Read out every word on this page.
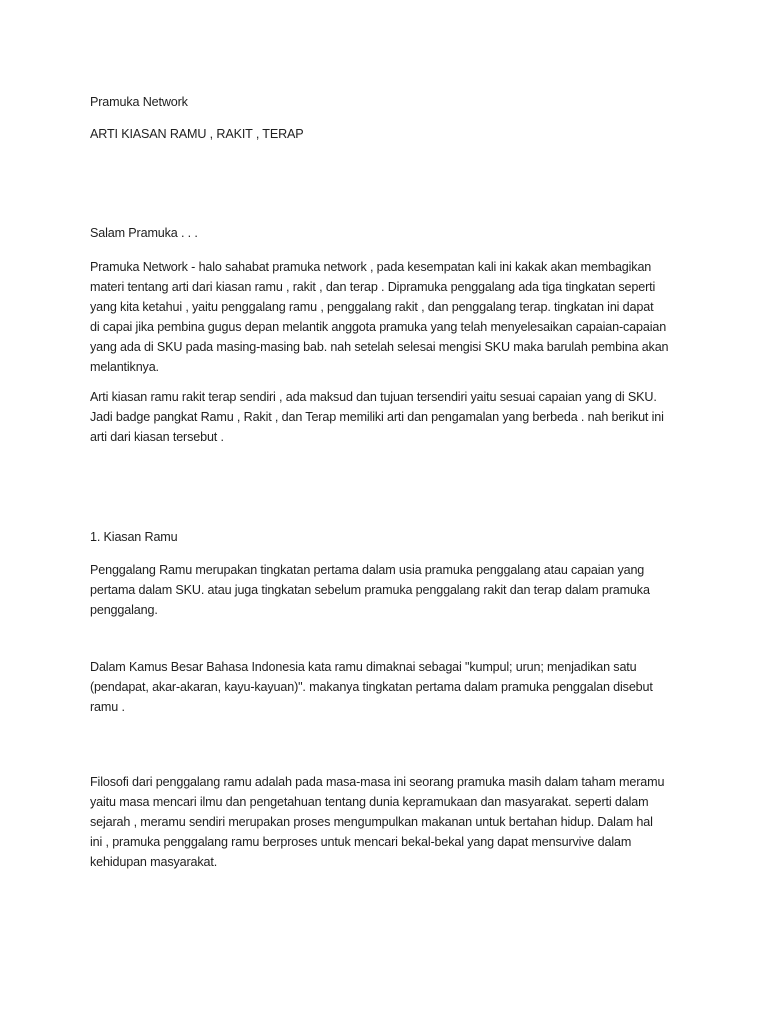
Pramuka Network
ARTI KIASAN RAMU , RAKIT , TERAP
Salam Pramuka . . .
Pramuka Network - halo sahabat pramuka network , pada kesempatan kali ini kakak akan membagikan
materi tentang arti dari kiasan ramu , rakit , dan terap . Dipramuka penggalang ada tiga tingkatan seperti
yang kita ketahui , yaitu penggalang ramu , penggalang rakit , dan penggalang terap. tingkatan ini dapat
di capai jika pembina gugus depan melantik anggota pramuka yang telah menyelesaikan capaian-capaian
yang ada di SKU pada masing-masing bab. nah setelah selesai mengisi SKU maka barulah pembina akan
melantiknya.
Arti kiasan ramu rakit terap sendiri , ada maksud dan tujuan tersendiri yaitu sesuai capaian yang di SKU.
Jadi badge pangkat Ramu , Rakit , dan Terap memiliki arti dan pengamalan yang berbeda . nah berikut ini
arti dari kiasan tersebut .
1. Kiasan Ramu
Penggalang Ramu merupakan tingkatan pertama dalam usia pramuka penggalang atau capaian yang
pertama dalam SKU. atau juga tingkatan sebelum pramuka penggalang rakit dan terap dalam pramuka
penggalang.
Dalam Kamus Besar Bahasa Indonesia kata ramu dimaknai sebagai "kumpul; urun; menjadikan satu
(pendapat, akar-akaran, kayu-kayuan)". makanya tingkatan pertama dalam pramuka penggalan disebut
ramu .
Filosofi dari penggalang ramu adalah pada masa-masa ini seorang pramuka masih dalam taham meramu
yaitu masa mencari ilmu dan pengetahuan tentang dunia kepramukaan dan masyarakat. seperti dalam
sejarah , meramu sendiri merupakan proses mengumpulkan makanan untuk bertahan hidup. Dalam hal
ini , pramuka penggalang ramu berproses untuk mencari bekal-bekal yang dapat mensurvive dalam
kehidupan masyarakat.
